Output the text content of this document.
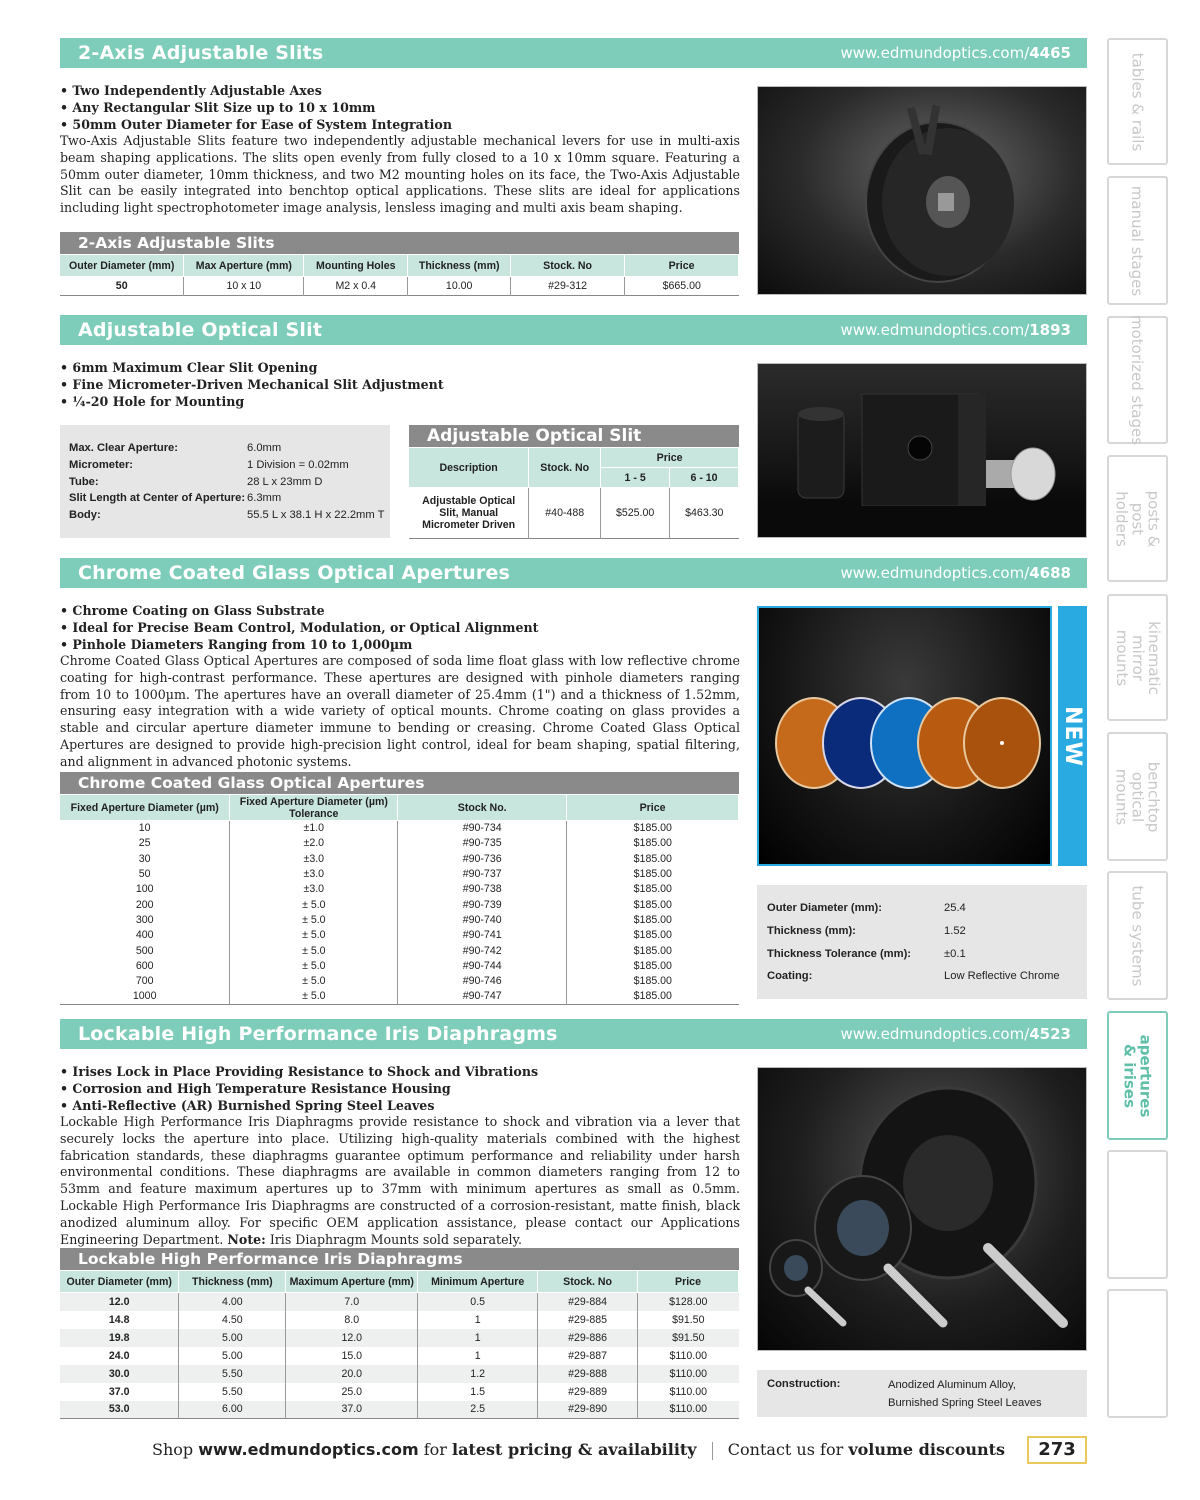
2-Axis Adjustable Slits	www.edmundoptics.com/4465
• Two Independently Adjustable Axes
• Any Rectangular Slit Size up to 10 x 10mm
• 50mm Outer Diameter for Ease of System Integration
Two-Axis Adjustable Slits feature two independently adjustable mechanical levers for use in multi-axis beam shaping applications. The slits open evenly from fully closed to a 10 x 10mm square. Featuring a 50mm outer diameter, 10mm thickness, and two M2 mounting holes on its face, the Two-Axis Adjustable Slit can be easily integrated into benchtop optical applications. These slits are ideal for applications including light spectrophotometer image analysis, lensless imaging and multi axis beam shaping.
2-Axis Adjustable Slits
Outer Diameter (mm)	Max Aperture (mm)	Mounting Holes	Thickness (mm)	Stock. No	Price
50	10 x 10	M2 x 0.4	10.00	#29-312	$665.00
Adjustable Optical Slit	www.edmundoptics.com/1893
• 6mm Maximum Clear Slit Opening
• Fine Micrometer-Driven Mechanical Slit Adjustment
• ¼-20 Hole for Mounting
Max. Clear Aperture:	6.0mm
Micrometer:	1 Division = 0.02mm
Tube:	28 L x 23mm D
Slit Length at Center of Aperture: 6.3mm
Body:	55.5 L x 38.1 H x 22.2mm T
Adjustable Optical Slit
Description	Stock. No	Price	
		1 - 5	6 - 10
Adjustable Optical Slit, Manual Micrometer Driven	#40-488	$525.00	$463.30
Chrome Coated Glass Optical Apertures	www.edmundoptics.com/4688
• Chrome Coating on Glass Substrate
• Ideal for Precise Beam Control, Modulation, or Optical Alignment
• Pinhole Diameters Ranging from 10 to 1,000µm
Chrome Coated Glass Optical Apertures are composed of soda lime float glass with low reflective chrome coating for high-contrast performance. These apertures are designed with pinhole diameters ranging from 10 to 1000µm. The apertures have an overall diameter of 25.4mm (1") and a thickness of 1.52mm, ensuring easy integration with a wide variety of optical mounts. Chrome coating on glass provides a stable and circular aperture diameter immune to bending or creasing. Chrome Coated Glass Optical Apertures are designed to provide high-precision light control, ideal for beam shaping, spatial filtering, and alignment in advanced photonic systems.
Chrome Coated Glass Optical Apertures
Fixed Aperture Diameter (µm)	Fixed Aperture Diameter (µm) Tolerance	Stock No.	Price
10	±1.0	#90-734	$185.00
25	±2.0	#90-735	$185.00
30	±3.0	#90-736	$185.00
50	±3.0	#90-737	$185.00
100	±3.0	#90-738	$185.00
200	± 5.0	#90-739	$185.00
300	± 5.0	#90-740	$185.00
400	± 5.0	#90-741	$185.00
500	± 5.0	#90-742	$185.00
600	± 5.0	#90-744	$185.00
700	± 5.0	#90-746	$185.00
1000	± 5.0	#90-747	$185.00
NEW
Outer Diameter (mm):	25.4
Thickness (mm):	1.52
Thickness Tolerance (mm):	±0.1
Coating:	Low Reflective Chrome
Lockable High Performance Iris Diaphragms	www.edmundoptics.com/4523
• Irises Lock in Place Providing Resistance to Shock and Vibrations
• Corrosion and High Temperature Resistance Housing
• Anti-Reflective (AR) Burnished Spring Steel Leaves
Lockable High Performance Iris Diaphragms provide resistance to shock and vibration via a lever that securely locks the aperture into place. Utilizing high-quality materials combined with the highest fabrication standards, these diaphragms guarantee optimum performance and reliability under harsh environmental conditions. These diaphragms are available in common diameters ranging from 12 to 53mm and feature maximum apertures up to 37mm with minimum apertures as small as 0.5mm. Lockable High Performance Iris Diaphragms are constructed of a corrosion-resistant, matte finish, black anodized aluminum alloy. For specific OEM application assistance, please contact our Applications Engineering Department. Note: Iris Diaphragm Mounts sold separately.
Lockable High Performance Iris Diaphragms
Outer Diameter (mm)	Thickness (mm)	Maximum Aperture (mm)	Minimum Aperture	Stock. No	Price
12.0	4.00	7.0	0.5	#29-884	$128.00
14.8	4.50	8.0	1	#29-885	$91.50
19.8	5.00	12.0	1	#29-886	$91.50
24.0	5.00	15.0	1	#29-887	$110.00
30.0	5.50	20.0	1.2	#29-888	$110.00
37.0	5.50	25.0	1.5	#29-889	$110.00
53.0	6.00	37.0	2.5	#29-890	$110.00
Construction:	Anodized Aluminum Alloy,
Burnished Spring Steel Leaves
tables & rails
manual stages
motorized stages
posts & post holders
kinematic mirror mounts
benchtop optical mounts
tube systems
apertures & irises
Shop www.edmundoptics.com for latest pricing & availability Contact us for volume discounts	273
